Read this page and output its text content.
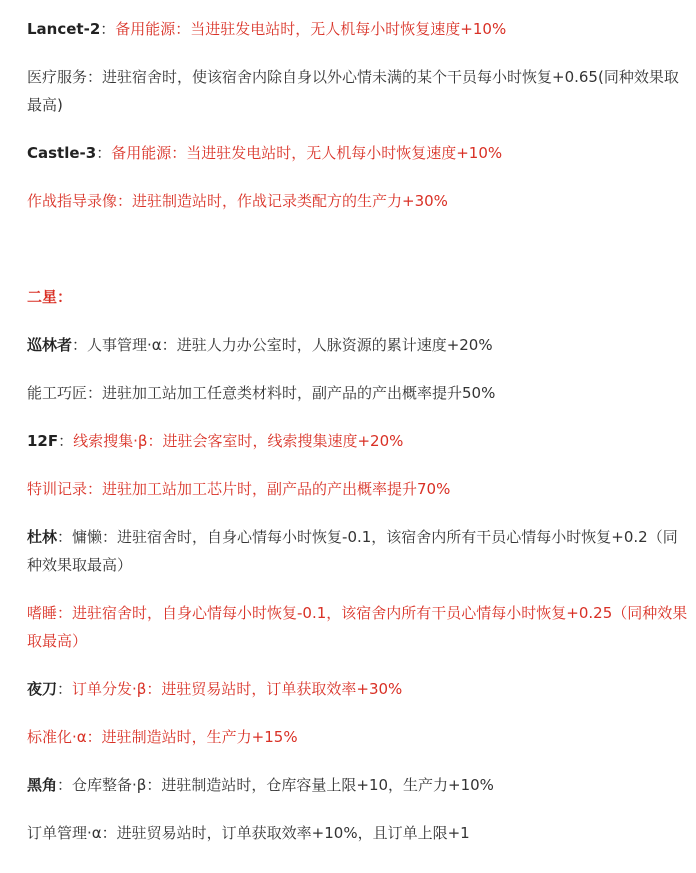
Lancet-2：备用能源：当进驻发电站时，无人机每小时恢复速度+10%

医疗服务：进驻宿舍时，使该宿舍内除自身以外心情未满的某个干员每小时恢复+0.65(同种效果取最高)

Castle-3：备用能源：当进驻发电站时，无人机每小时恢复速度+10%

作战指导录像：进驻制造站时，作战记录类配方的生产力+30%

二星：

巡林者：人事管理·α：进驻人力办公室时，人脉资源的累计速度+20%

能工巧匠：进驻加工站加工任意类材料时，副产品的产出概率提升50%

12F：线索搜集·β：进驻会客室时，线索搜集速度+20%

特训记录：进驻加工站加工芯片时，副产品的产出概率提升70%

杜林：慵懒：进驻宿舍时，自身心情每小时恢复-0.1，该宿舍内所有干员心情每小时恢复+0.2（同种效果取最高）

嗜睡：进驻宿舍时，自身心情每小时恢复-0.1，该宿舍内所有干员心情每小时恢复+0.25（同种效果取最高）

夜刀：订单分发·β：进驻贸易站时，订单获取效率+30%

标准化·α：进驻制造站时，生产力+15%

黑角：仓库整备·β：进驻制造站时，仓库容量上限+10，生产力+10%

订单管理·α：进驻贸易站时，订单获取效率+10%，且订单上限+1
